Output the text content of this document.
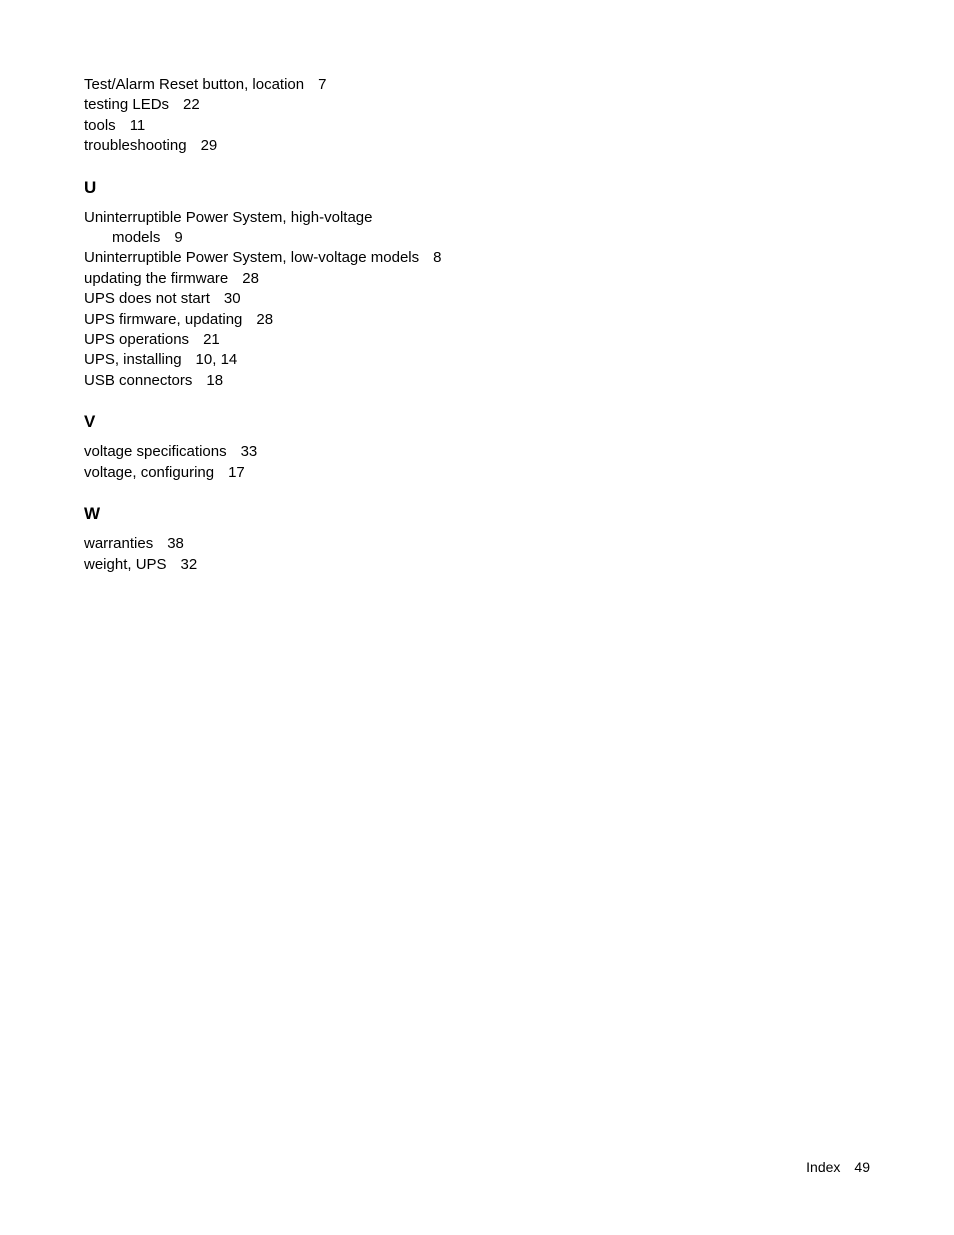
Test/Alarm Reset button, location 7
testing LEDs 22
tools 11
troubleshooting 29
U
Uninterruptible Power System, high-voltage
models 9
Uninterruptible Power System, low-voltage models 8
updating the firmware 28
UPS does not start 30
UPS firmware, updating 28
UPS operations 21
UPS, installing 10, 14
USB connectors 18
V
voltage specifications 33
voltage, configuring 17
W
warranties 38
weight, UPS 32
Index 49
